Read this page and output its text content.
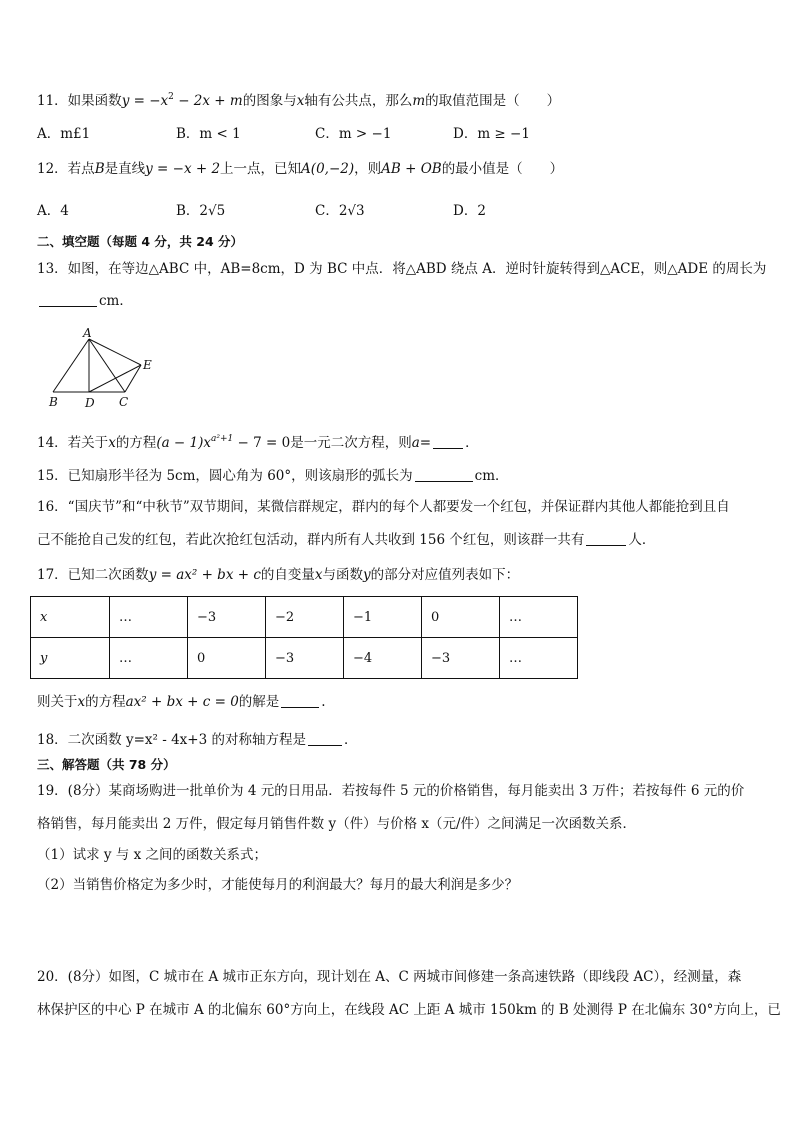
11．如果函数$y = -x^2 - 2x + m$的图象与x轴有公共点，那么m的取值范围是（　　）
A．m£1	B．m < 1	C．m > −1	D．m ≥ −1
12．若点B是直线y = −x + 2上一点，已知A(0,−2)，则AB + OB的最小值是（　　）
A．4	B．2√5	C．2√3	D．2
二、填空题（每题 4 分，共 24 分）
13．如图，在等边△ABC 中，AB=8cm，D 为 BC 中点．将△ABD 绕点 A．逆时针旋转得到△ACE，则△ADE 的周长为
cm．
A
B D C
E
14．若关于x的方程$(a - 1)x^{a^2+1} - 7 = 0$是一元二次方程，则a=	．
15．已知扇形半径为 5cm，圆心角为 60°，则该扇形的弧长为	cm．
16．“国庆节”和“中秋节”双节期间，某微信群规定，群内的每个人都要发一个红包，并保证群内其他人都能抢到且自
己不能抢自己发的红包，若此次抢红包活动，群内所有人共收到 156 个红包，则该群一共有	人．
17．已知二次函数y = ax² + bx + c的自变量x与函数y的部分对应值列表如下：
x	…	−3	−2	−1	0	…
y	…	0	−3	−4	−3	…
则关于x的方程ax² + bx + c = 0的解是	.
18．二次函数 y=x² - 4x+3 的对称轴方程是	．
三、解答题（共 78 分）
19．(8分）某商场购进一批单价为 4 元的日用品．若按每件 5 元的价格销售，每月能卖出 3 万件；若按每件 6 元的价
格销售，每月能卖出 2 万件，假定每月销售件数 y（件）与价格 x（元/件）之间满足一次函数关系．
（1）试求 y 与 x 之间的函数关系式；
（2）当销售价格定为多少时，才能使每月的利润最大？每月的最大利润是多少？
20．(8分）如图，C 城市在 A 城市正东方向，现计划在 A、C 两城市间修建一条高速铁路（即线段 AC），经测量，森
林保护区的中心 P 在城市 A 的北偏东 60°方向上，在线段 AC 上距 A 城市 150km 的 B 处测得 P 在北偏东 30°方向上，已
